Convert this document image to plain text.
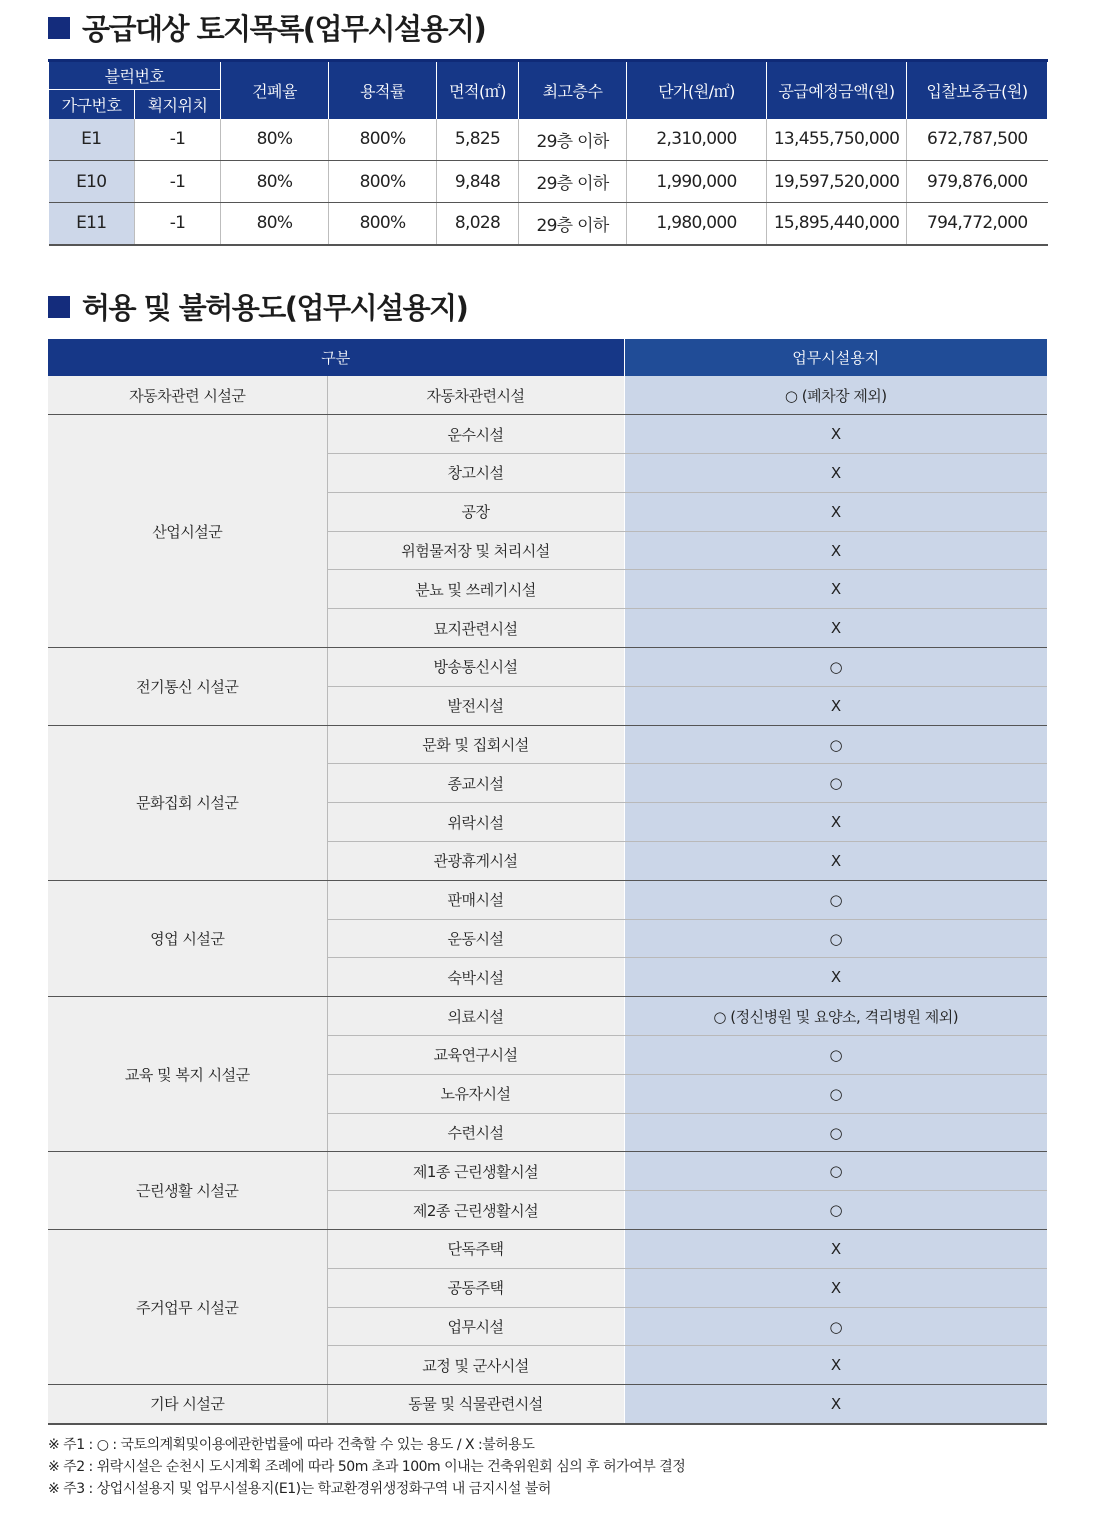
공급대상 토지목록(업무시설용지)
블럭번호		건폐율	용적률	면적(㎡)	최고층수	단가(원/㎡)	공급예정금액(원)	입찰보증금(원)
가구번호	획지위치							
E1	-1	80%	800%	5,825	29층 이하	2,310,000	13,455,750,000	672,787,500
E10	-1	80%	800%	9,848	29층 이하	1,990,000	19,597,520,000	979,876,000
E11	-1	80%	800%	8,028	29층 이하	1,980,000	15,895,440,000	794,772,000
허용 및 불허용도(업무시설용지)
구분		업무시설용지
자동차관련 시설군	자동차관련시설	○ (폐차장 제외)
산업시설군	운수시설	X
	창고시설	X
	공장	X
	위험물저장 및 처리시설	X
	분뇨 및 쓰레기시설	X
	묘지관련시설	X
전기통신 시설군	방송통신시설	○
	발전시설	X
문화집회 시설군	문화 및 집회시설	○
	종교시설	○
	위락시설	X
	관광휴게시설	X
영업 시설군	판매시설	○
	운동시설	○
	숙박시설	X
교육 및 복지 시설군	의료시설	○ (정신병원 및 요양소, 격리병원 제외)
	교육연구시설	○
	노유자시설	○
	수련시설	○
근린생활 시설군	제1종 근린생활시설	○
	제2종 근린생활시설	○
주거업무 시설군	단독주택	X
	공동주택	X
	업무시설	○
	교정 및 군사시설	X
기타 시설군	동물 및 식물관련시설	X
※ 주1 : ○ : 국토의계획및이용에관한법률에 따라 건축할 수 있는 용도 / X :불허용도
※ 주2 : 위락시설은 순천시 도시계획 조례에 따라 50m 초과 100m 이내는 건축위원회 심의 후 허가여부 결정
※ 주3 : 상업시설용지 및 업무시설용지(E1)는 학교환경위생정화구역 내 금지시설 불허
